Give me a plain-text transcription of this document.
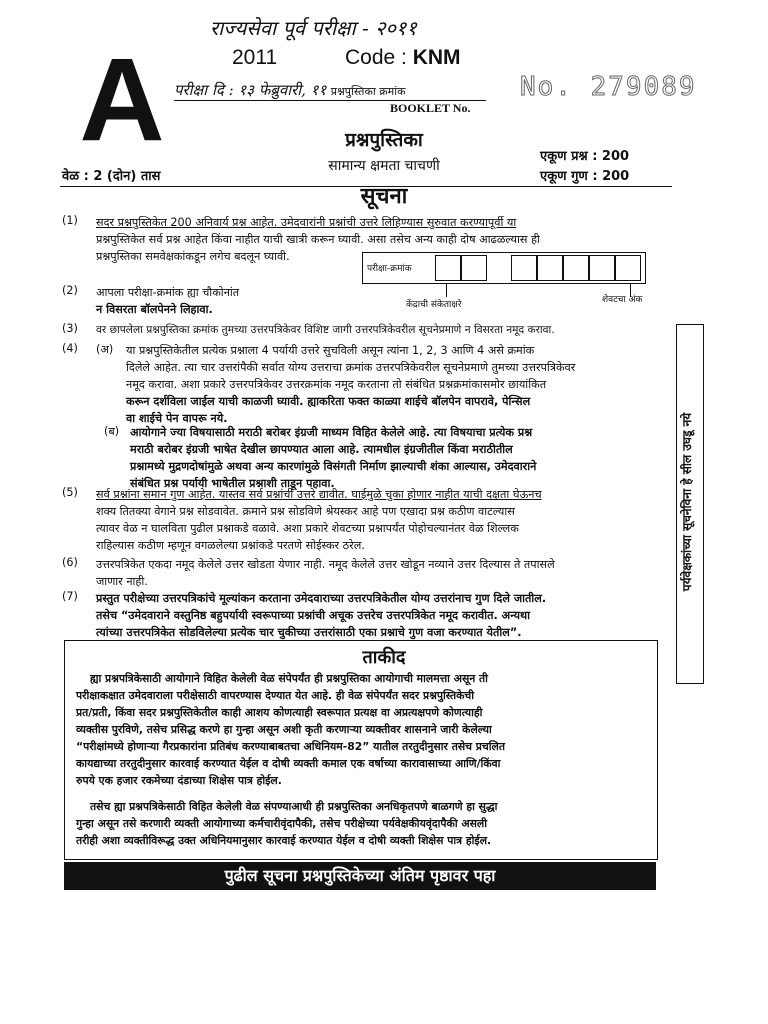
राज्यसेवा पूर्व परीक्षा - २०११
A	2011	Code : KNM
परीक्षा दि : १३ फेब्रुवारी, ११ प्रश्नपुस्तिका क्रमांक
BOOKLET No.
No. 279089
प्रश्नपुस्तिका
सामान्य क्षमता चाचणी
एकूण प्रश्न : 200
एकूण गुण : 200
वेळ : 2 (दोन) तास
सूचना
(1) सदर प्रश्नपुस्तिकेत 200 अनिवार्य प्रश्न आहेत. उमेदवारांनी प्रश्नांची उत्तरे लिहिण्यास सुरुवात करण्यापूर्वी या
प्रश्नपुस्तिकेत सर्व प्रश्न आहेत किंवा नाहीत याची खात्री करून घ्यावी. असा तसेच अन्य काही दोष आढळल्यास ही
प्रश्नपुस्तिका समवेक्षकांकडून लगेच बदलून घ्यावी.
(2) आपला परीक्षा-क्रमांक ह्या चौकोनांत
न विसरता बॉलपेनने लिहावा.
परीक्षा-क्रमांक
केंद्राची संकेताक्षरे	शेवटचा अंक
(3) वर छापलेला प्रश्नपुस्तिका क्रमांक तुमच्या उत्तरपत्रिकेवर विशिष्ट जागी उत्तरपत्रिकेवरील सूचनेप्रमाणे न विसरता नमूद करावा.
(4) (अ) या प्रश्नपुस्तिकेतील प्रत्येक प्रश्नाला 4 पर्यायी उत्तरे सुचविली असून त्यांना 1, 2, 3 आणि 4 असे क्रमांक
दिलेले आहेत. त्या चार उत्तरांपैकी सर्वात योग्य उत्तराचा क्रमांक उत्तरपत्रिकेवरील सूचनेप्रमाणे तुमच्या उत्तरपत्रिकेवर
नमूद करावा. अशा प्रकारे उत्तरपत्रिकेवर उत्तरक्रमांक नमूद करताना तो संबंधित प्रश्नक्रमांकासमोर छायांकित
करून दर्शविला जाईल याची काळजी घ्यावी. ह्याकरिता फक्त काळ्या शाईचे बॉलपेन वापरावे, पेन्सिल
वा शाईचे पेन वापरू नये.
(ब) आयोगाने ज्या विषयासाठी मराठी बरोबर इंग्रजी माध्यम विहित केलेले आहे. त्या विषयाचा प्रत्येक प्रश्न
मराठी बरोबर इंग्रजी भाषेत देखील छापण्यात आला आहे. त्यामधील इंग्रजीतील किंवा मराठीतील
प्रश्नामध्ये मुद्रणदोषांमुळे अथवा अन्य कारणांमुळे विसंगती निर्माण झाल्याची शंका आल्यास, उमेदवाराने
संबंधित प्रश्न पर्यायी भाषेतील प्रश्नाशी ताडून पहावा.
(5) सर्व प्रश्नांना समान गुण आहेत. यास्तव सर्व प्रश्नांची उत्तरे द्यावीत. घाईमुळे चुका होणार नाहीत याची दक्षता घेऊनच
शक्य तितक्या वेगाने प्रश्न सोडवावेत. क्रमाने प्रश्न सोडविणे श्रेयस्कर आहे पण एखादा प्रश्न कठीण वाटल्यास
त्यावर वेळ न घालविता पुढील प्रश्नाकडे वळावे. अशा प्रकारे शेवटच्या प्रश्नापर्यंत पोहोचल्यानंतर वेळ शिल्लक
राहिल्यास कठीण म्हणून वगळलेल्या प्रश्नांकडे परतणे सोईस्कर ठरेल.
(6) उत्तरपत्रिकेत एकदा नमूद केलेले उत्तर खोडता येणार नाही. नमूद केलेले उत्तर खोडून नव्याने उत्तर दिल्यास ते तपासले
जाणार नाही.
(7) प्रस्तुत परीक्षेच्या उत्तरपत्रिकांचे मूल्यांकन करताना उमेदवाराच्या उत्तरपत्रिकेतील योग्य उत्तरांनाच गुण दिले जातील.
तसेच “उमेदवाराने वस्तुनिष्ठ बहुपर्यायी स्वरूपाच्या प्रश्नांची अचूक उत्तरेच उत्तरपत्रिकेत नमूद करावीत. अन्यथा
त्यांच्या उत्तरपत्रिकेत सोडविलेल्या प्रत्येक चार चुकीच्या उत्तरांसाठी एका प्रश्नाचे गुण वजा करण्यात येतील”.
पर्यवेक्षकांच्या सूचनेविना हे सील उघडू नये
ताकीद
ह्या प्रश्नपत्रिकेसाठी आयोगाने विहित केलेली वेळ संपेपर्यंत ही प्रश्नपुस्तिका आयोगाची मालमत्ता असून ती
परीक्षाकक्षात उमेदवाराला परीक्षेसाठी वापरण्यास देण्यात येत आहे. ही वेळ संपेपर्यंत सदर प्रश्नपुस्तिकेची
प्रत/प्रती, किंवा सदर प्रश्नपुस्तिकेतील काही आशय कोणत्याही स्वरूपात प्रत्यक्ष वा अप्रत्यक्षपणे कोणत्याही
व्यक्तीस पुरविणे, तसेच प्रसिद्ध करणे हा गुन्हा असून अशी कृती करणाऱ्या व्यक्तीवर शासनाने जारी केलेल्या
“परीक्षांमध्ये होणाऱ्या गैरप्रकारांना प्रतिबंध करण्याबाबतचा अधिनियम-82” यातील तरतुदीनुसार तसेच प्रचलित
कायद्याच्या तरतुदीनुसार कारवाई करण्यात येईल व दोषी व्यक्ती कमाल एक वर्षाच्या कारावासाच्या आणि/किंवा
रुपये एक हजार रकमेच्या दंडाच्या शिक्षेस पात्र होईल.
तसेच ह्या प्रश्नपत्रिकेसाठी विहित केलेली वेळ संपण्याआधी ही प्रश्नपुस्तिका अनधिकृतपणे बाळगणे हा सुद्धा
गुन्हा असून तसे करणारी व्यक्ती आयोगाच्या कर्मचारीवृंदापैकी, तसेच परीक्षेच्या पर्यवेक्षकीयवृंदापैकी असली
तरीही अशा व्यक्तीविरूद्ध उक्त अधिनियमानुसार कारवाई करण्यात येईल व दोषी व्यक्ती शिक्षेस पात्र होईल.
पुढील सूचना प्रश्नपुस्तिकेच्या अंतिम पृष्ठावर पहा
